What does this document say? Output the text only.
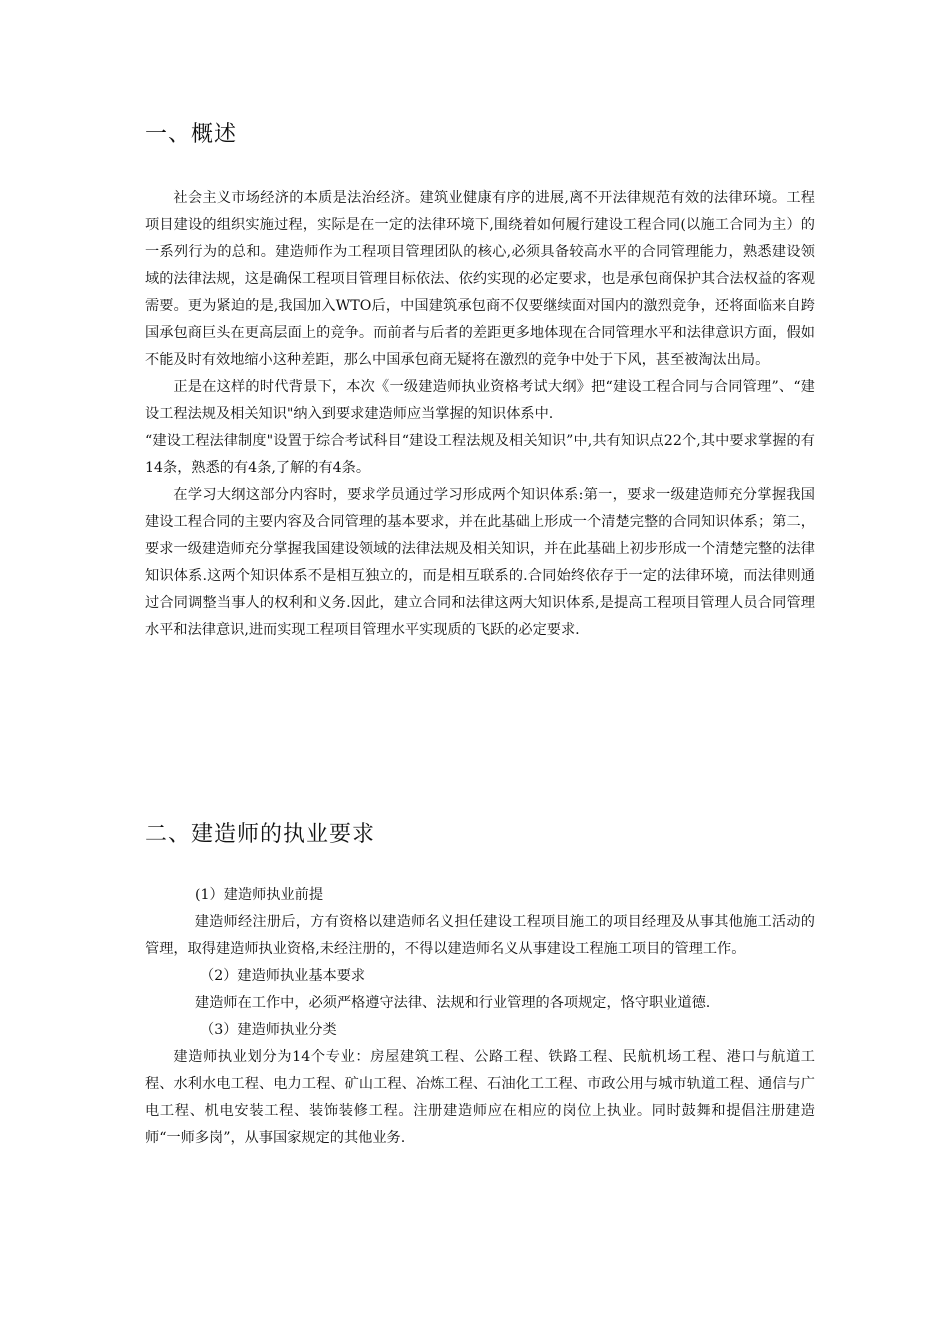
一、概述

社会主义市场经济的本质是法治经济。建筑业健康有序的进展,离不开法律规范有效的法律环境。工程项目建设的组织实施过程，实际是在一定的法律环境下,围绕着如何履行建设工程合同(以施工合同为主）的一系列行为的总和。建造师作为工程项目管理团队的核心,必须具备较高水平的合同管理能力，熟悉建设领域的法律法规，这是确保工程项目管理目标依法、依约实现的必定要求，也是承包商保护其合法权益的客观需要。更为紧迫的是,我国加入WTO后，中国建筑承包商不仅要继续面对国内的激烈竞争，还将面临来自跨国承包商巨头在更高层面上的竞争。而前者与后者的差距更多地体现在合同管理水平和法律意识方面，假如不能及时有效地缩小这种差距，那么中国承包商无疑将在激烈的竞争中处于下风，甚至被淘汰出局。

正是在这样的时代背景下，本次《一级建造师执业资格考试大纲》把“建设工程合同与合同管理”、“建设工程法规及相关知识"纳入到要求建造师应当掌握的知识体系中.

“建设工程法律制度"设置于综合考试科目“建设工程法规及相关知识”中,共有知识点22个,其中要求掌握的有14条，熟悉的有4条,了解的有4条。

在学习大纲这部分内容时，要求学员通过学习形成两个知识体系:第一，要求一级建造师充分掌握我国建设工程合同的主要内容及合同管理的基本要求，并在此基础上形成一个清楚完整的合同知识体系；第二，要求一级建造师充分掌握我国建设领域的法律法规及相关知识，并在此基础上初步形成一个清楚完整的法律知识体系.这两个知识体系不是相互独立的，而是相互联系的.合同始终依存于一定的法律环境，而法律则通过合同调整当事人的权利和义务.因此，建立合同和法律这两大知识体系,是提高工程项目管理人员合同管理水平和法律意识,进而实现工程项目管理水平实现质的飞跃的必定要求.

二、建造师的执业要求

(1）建造师执业前提

建造师经注册后，方有资格以建造师名义担任建设工程项目施工的项目经理及从事其他施工活动的管理，取得建造师执业资格,未经注册的，不得以建造师名义从事建设工程施工项目的管理工作。

（2）建造师执业基本要求

建造师在工作中，必须严格遵守法律、法规和行业管理的各项规定，恪守职业道德.

（3）建造师执业分类

建造师执业划分为14个专业：房屋建筑工程、公路工程、铁路工程、民航机场工程、港口与航道工程、水利水电工程、电力工程、矿山工程、冶炼工程、石油化工工程、市政公用与城市轨道工程、通信与广电工程、机电安装工程、装饰装修工程。注册建造师应在相应的岗位上执业。同时鼓舞和提倡注册建造师“一师多岗”，从事国家规定的其他业务.
